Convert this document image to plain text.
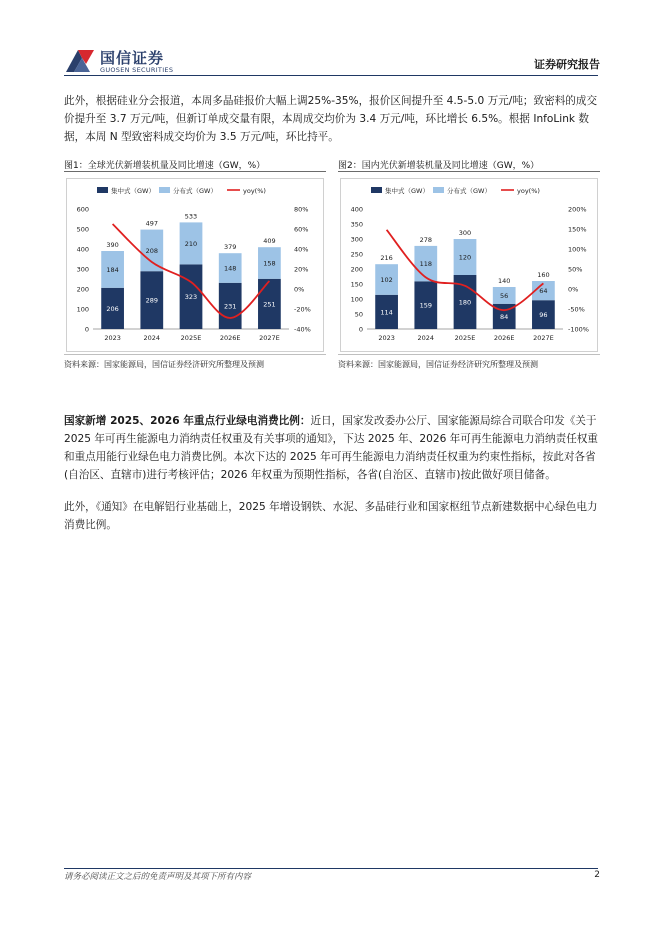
国信证券
GUOSEN SECURITIES	证券研究报告
此外，根据硅业分会报道，本周多晶硅报价大幅上调25%-35%，报价区间提升至 4.5-5.0 万元/吨；致密料的成交价提升至 3.7 万元/吨，但新订单成交量有限，本周成交均价为 3.4 万元/吨，环比增长 6.5%。根据 InfoLink 数据，本周 N 型致密料成交均价为 3.5 万元/吨，环比持平。
图1：全球光伏新增装机量及同比增速（GW，%）
集中式（GW）	分布式（GW）	yoy(%)
0
100
200
300
400
500
600	80%
60%
40%
20%
0%
-20%
-40%
206
184
390
2023
289
208
497
2024
323
210
533
2025E
231
148
379
2026E
251
158
409
2027E
资料来源：国家能源局，国信证券经济研究所整理及预测
图2：国内光伏新增装机量及同比增速（GW，%）
集中式（GW）	分布式（GW）	yoy(%)
0
50
100
150
200
250
300
350
400	200%
150%
100%
50%
0%
-50%
-100%
114
102
216
2023
159
118
278
2024
180
120
300
2025E
84
56
140
2026E
96
64
160
2027E
资料来源：国家能源局，国信证券经济研究所整理及预测
国家新增 2025、2026 年重点行业绿电消费比例：近日，国家发改委办公厅、国家能源局综合司联合印发《关于 2025 年可再生能源电力消纳责任权重及有关事项的通知》，下达 2025 年、2026 年可再生能源电力消纳责任权重和重点用能行业绿色电力消费比例。本次下达的 2025 年可再生能源电力消纳责任权重为约束性指标，按此对各省(自治区、直辖市)进行考核评估；2026 年权重为预期性指标，各省(自治区、直辖市)按此做好项目储备。
此外，《通知》在电解铝行业基础上，2025 年增设钢铁、水泥、多晶硅行业和国家枢纽节点新建数据中心绿色电力消费比例。
请务必阅读正文之后的免责声明及其项下所有内容	2
